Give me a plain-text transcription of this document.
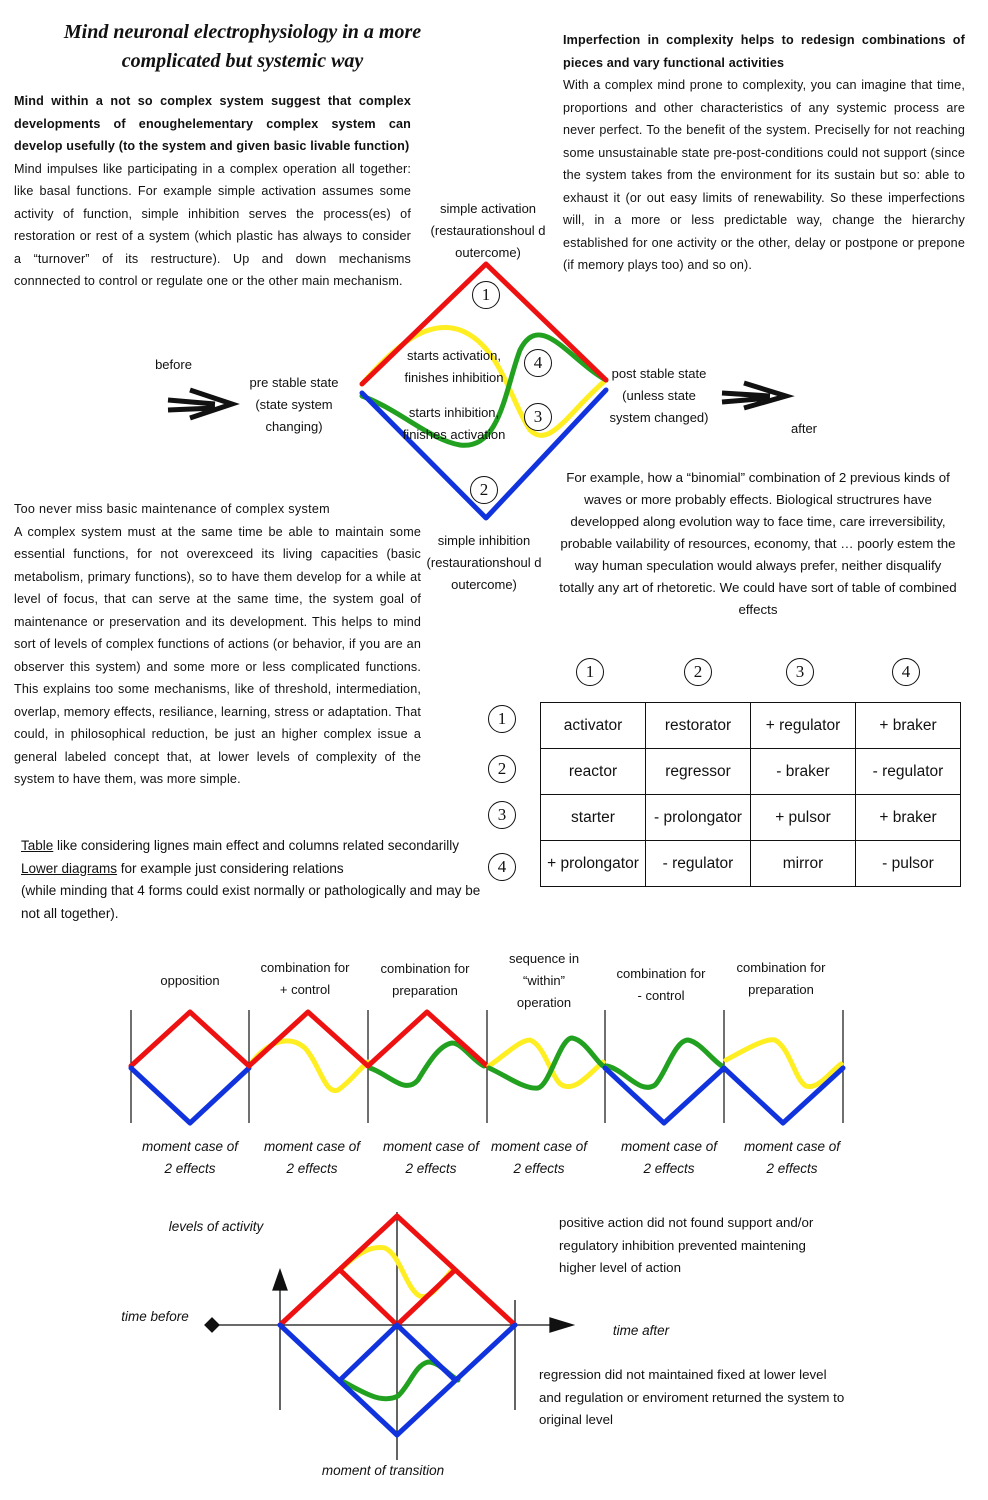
Mind neuronal electrophysiology in a more complicated but systemic way
Mind within a not so complex system suggest that complex developments of enoughelementary complex system can develop usefully (to the system and given basic livable function)
Mind impulses like participating in a complex operation all together: like basal functions. For example simple activation assumes some activity of function, simple inhibition serves the process(es) of restoration or rest of a system (which plastic has always to consider a “turnover” of its restructure). Up and down mechanisms connnected to control or regulate one or the other main mechanism.
Imperfection in complexity helps to redesign combinations of pieces and vary functional activities
With a complex mind prone to complexity, you can imagine that time, proportions and other characteristics of any systemic process are never perfect. To the benefit of the system. Preciselly for not reaching some unsustainable state pre-post-conditions could not support (since the system takes from the environment for its sustain but so: able to exhaust it (or out easy limits of renewability. So these imperfections will, in a more or less predictable way, change the hierarchy established for one activity or the other, delay or postpone or prepone (if memory plays too) and so on).
before
pre stable state (state system changing)
simple activation (restaurationshoul d outercome)
starts activation, finishes inhibition
starts inhibition, finishes activation
post stable state (unless state system changed)
after
simple inhibition (restaurationshoul d outercome)
1
4
3
2
For example, how a “binomial” combination of 2 previous kinds of waves or more probably effects. Biological structrures have developped along evolution way to face time, care irreversibility, probable vailability of resources, economy, that … poorly estem the way human speculation would always prefer, neither disqualify totally any art of rhetoretic. We could have sort of table of combined effects
Too never miss basic maintenance of complex system
A complex system must at the same time be able to maintain some essential functions, for not overexceed its living capacities (basic metabolism, primary functions), so to have them develop for a while at level of focus, that can serve at the same time, the system goal of maintenance or preservation and its development. This helps to mind sort of levels of complex functions of actions (or behavior, if you are an observer this system) and some more or less complicated functions. This explains too some mechanisms, like of threshold, intermediation, overlap, memory effects, resiliance, learning, stress or adaptation. That could, in philosophical reduction, be just an higher complex issue a general labeled concept that, at lower levels of complexity of the system to have them, was more simple.
1	2	3	4
1
2
3
4
activator	restorator	+ regulator	+ braker
reactor	regressor	- braker	- regulator
starter	- prolongator	+ pulsor	+ braker
+ prolongator	- regulator	mirror	- pulsor
Table like considering lignes main effect and columns related secondarilly
Lower diagrams for example just considering relations
(while minding that 4 forms could exist normally or pathologically and may be not all together).
opposition
combination for + control
combination for preparation
sequence in “within” operation
combination for - control
combination for preparation
moment case of 2 effects
moment case of 2 effects
moment case of 2 effects
moment case of 2 effects
moment case of 2 effects
moment case of 2 effects
levels of activity
time before
time after
moment of transition
positive action did not found support and/or regulatory inhibition prevented maintening higher level of action
regression did not maintained fixed at lower level and regulation or enviroment returned the system to original level
